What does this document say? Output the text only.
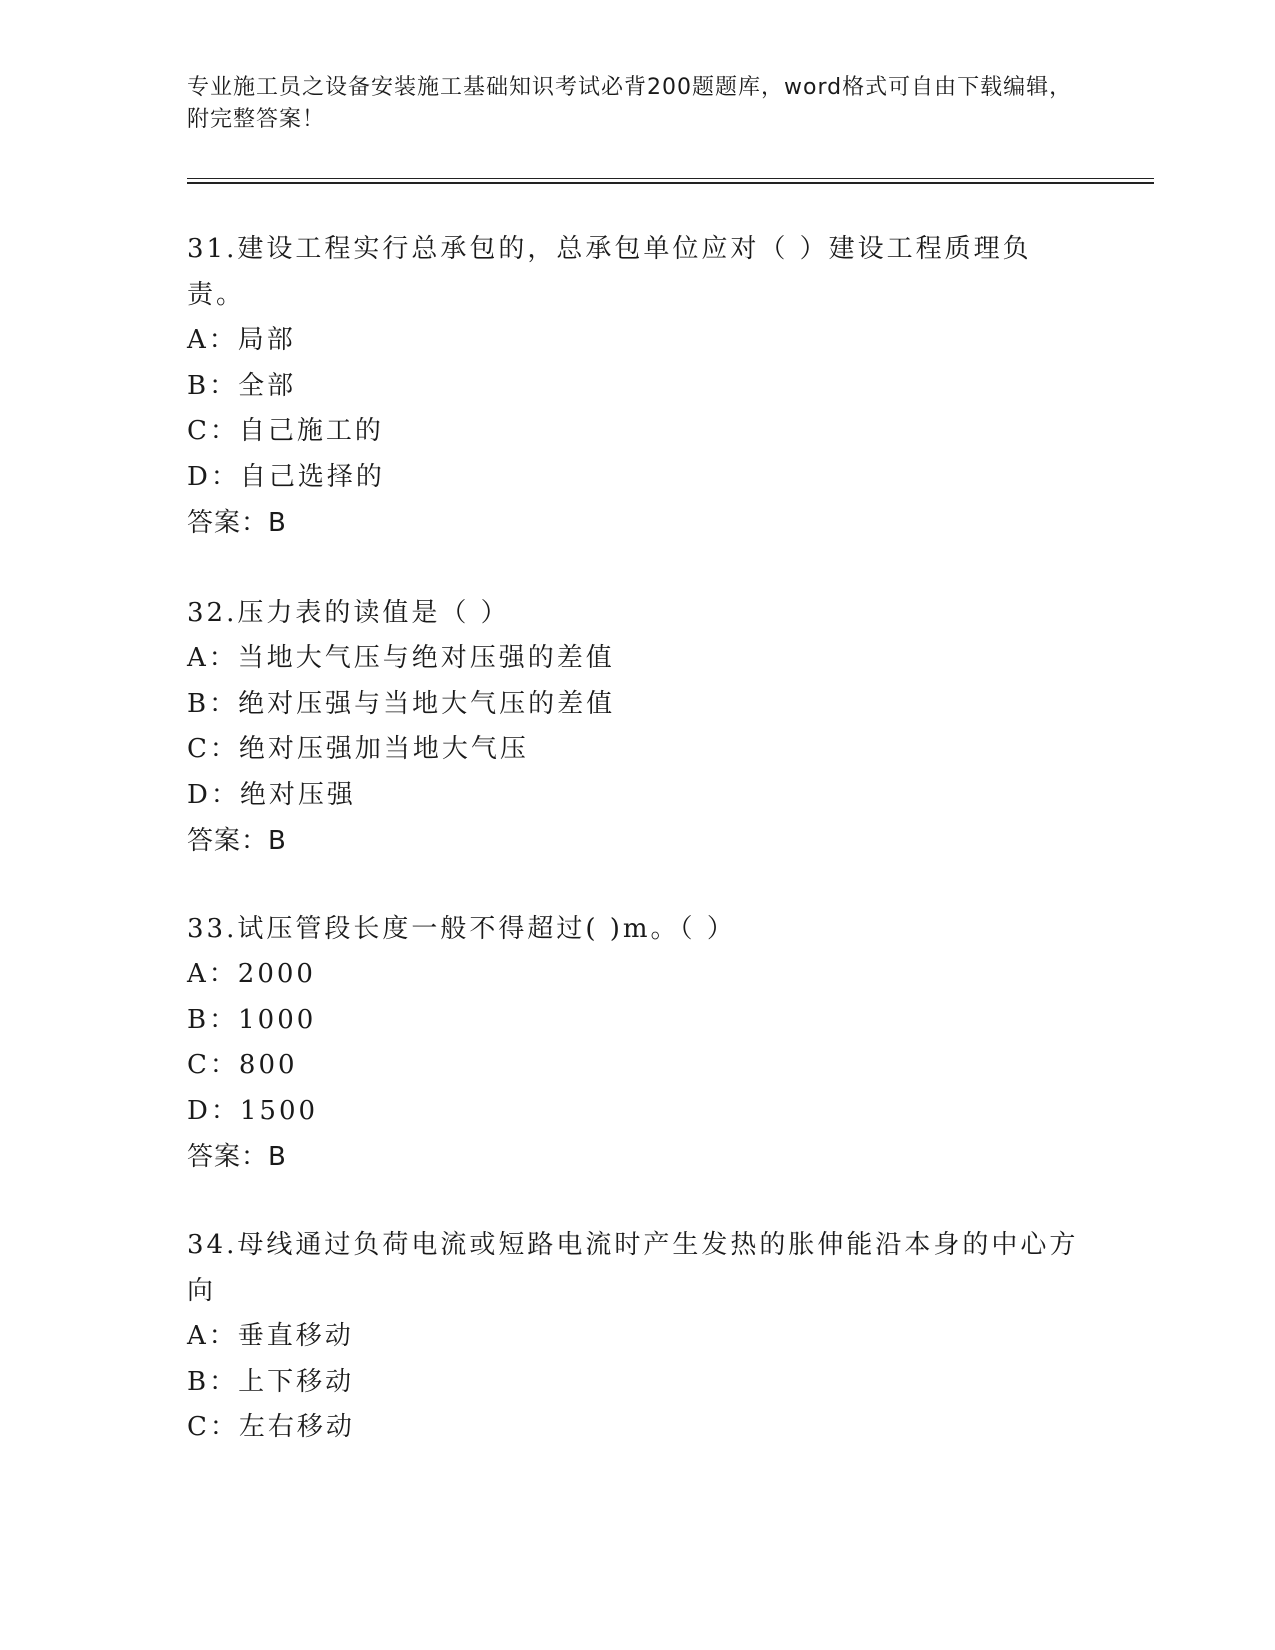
专业施工员之设备安装施工基础知识考试必背200题题库，word格式可自由下载编辑，附完整答案！

31.建设工程实行总承包的，总承包单位应对（ ）建设工程质理负责。

A：局部

B：全部

C：自己施工的

D：自己选择的

答案：B

32.压力表的读值是（ ）

A：当地大气压与绝对压强的差值

B：绝对压强与当地大气压的差值

C：绝对压强加当地大气压

D：绝对压强

答案：B

33.试压管段长度一般不得超过( )m。（ ）

A：2000

B：1000

C：800

D：1500

答案：B

34.母线通过负荷电流或短路电流时产生发热的胀伸能沿本身的中心方向

A：垂直移动

B：上下移动

C：左右移动
